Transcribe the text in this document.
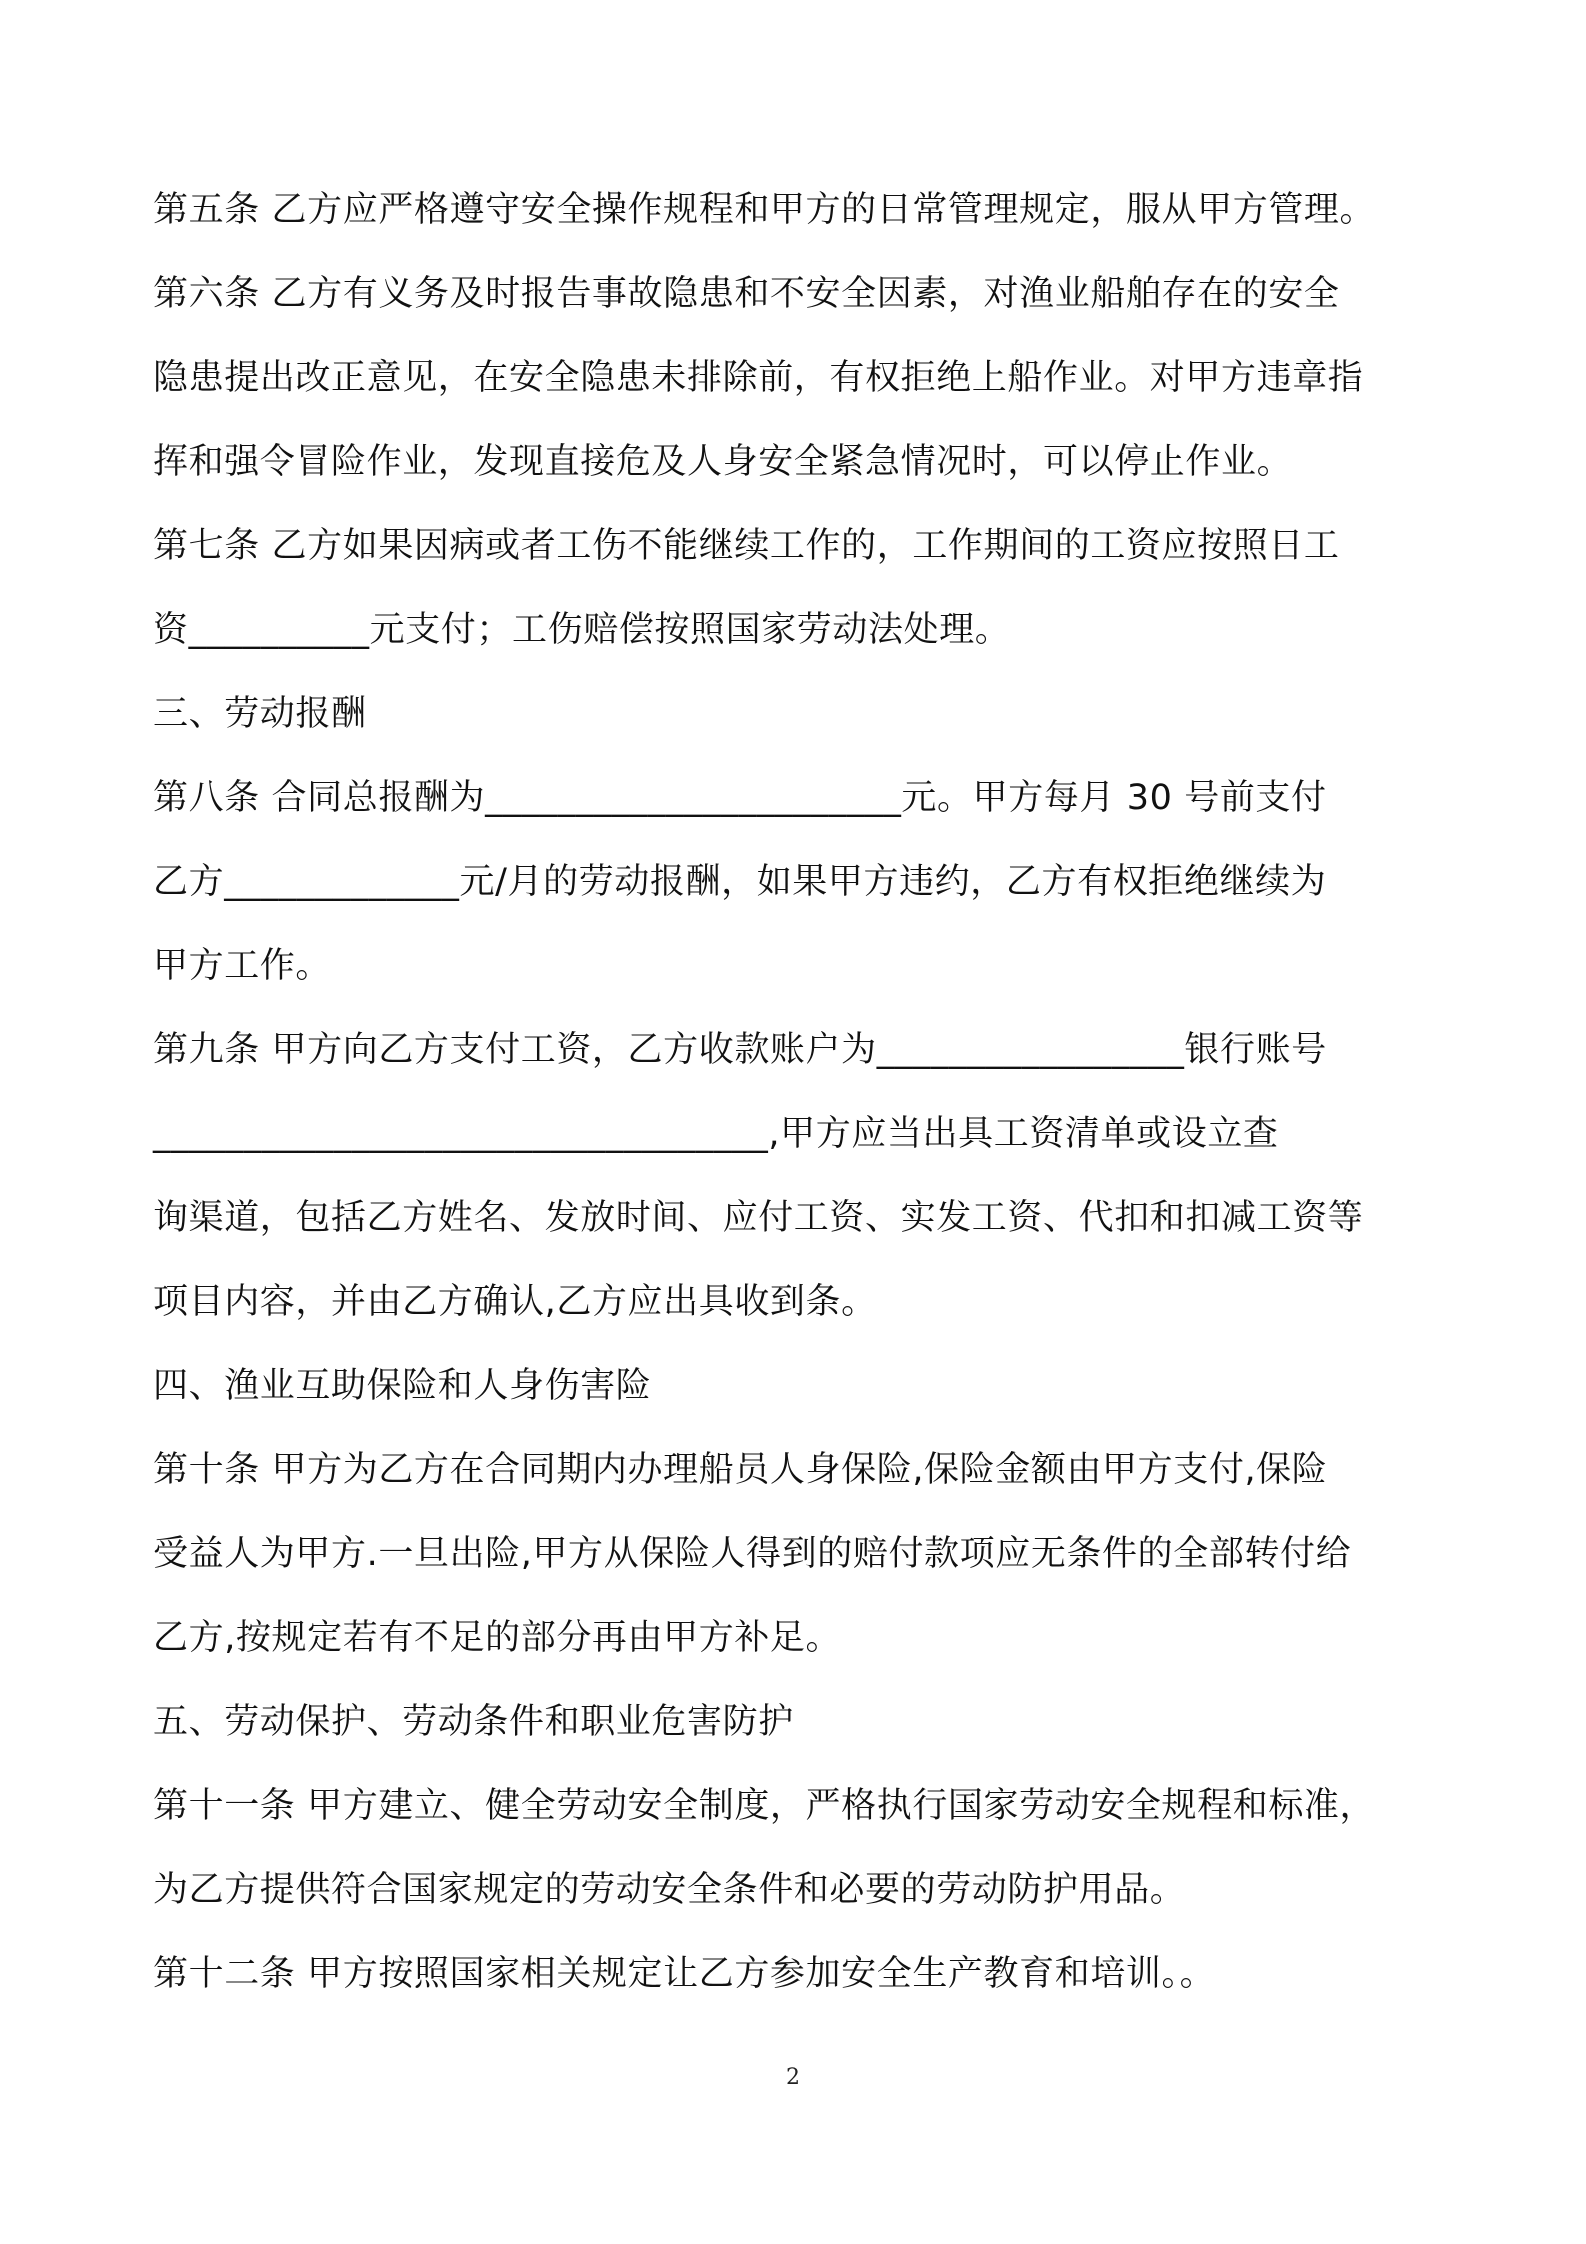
第五条 乙方应严格遵守安全操作规程和甲方的日常管理规定，服从甲方管理。
第六条 乙方有义务及时报告事故隐患和不安全因素，对渔业船舶存在的安全
隐患提出改正意见，在安全隐患未排除前，有权拒绝上船作业。对甲方违章指
挥和强令冒险作业，发现直接危及人身安全紧急情况时，可以停止作业。
第七条 乙方如果因病或者工伤不能继续工作的，工作期间的工资应按照日工
资__________元支付；工伤赔偿按照国家劳动法处理。
三、劳动报酬
第八条 合同总报酬为_______________________元。甲方每月 30 号前支付
乙方_____________元/月的劳动报酬，如果甲方违约，乙方有权拒绝继续为
甲方工作。
第九条 甲方向乙方支付工资，乙方收款账户为_________________银行账号
__________________________________,甲方应当出具工资清单或设立查
询渠道，包括乙方姓名、发放时间、应付工资、实发工资、代扣和扣减工资等
项目内容，并由乙方确认,乙方应出具收到条。
四、渔业互助保险和人身伤害险
第十条 甲方为乙方在合同期内办理船员人身保险,保险金额由甲方支付,保险
受益人为甲方.一旦出险,甲方从保险人得到的赔付款项应无条件的全部转付给
乙方,按规定若有不足的部分再由甲方补足。
五、劳动保护、劳动条件和职业危害防护
第十一条 甲方建立、健全劳动安全制度，严格执行国家劳动安全规程和标准，
为乙方提供符合国家规定的劳动安全条件和必要的劳动防护用品。
第十二条 甲方按照国家相关规定让乙方参加安全生产教育和培训。。
2
